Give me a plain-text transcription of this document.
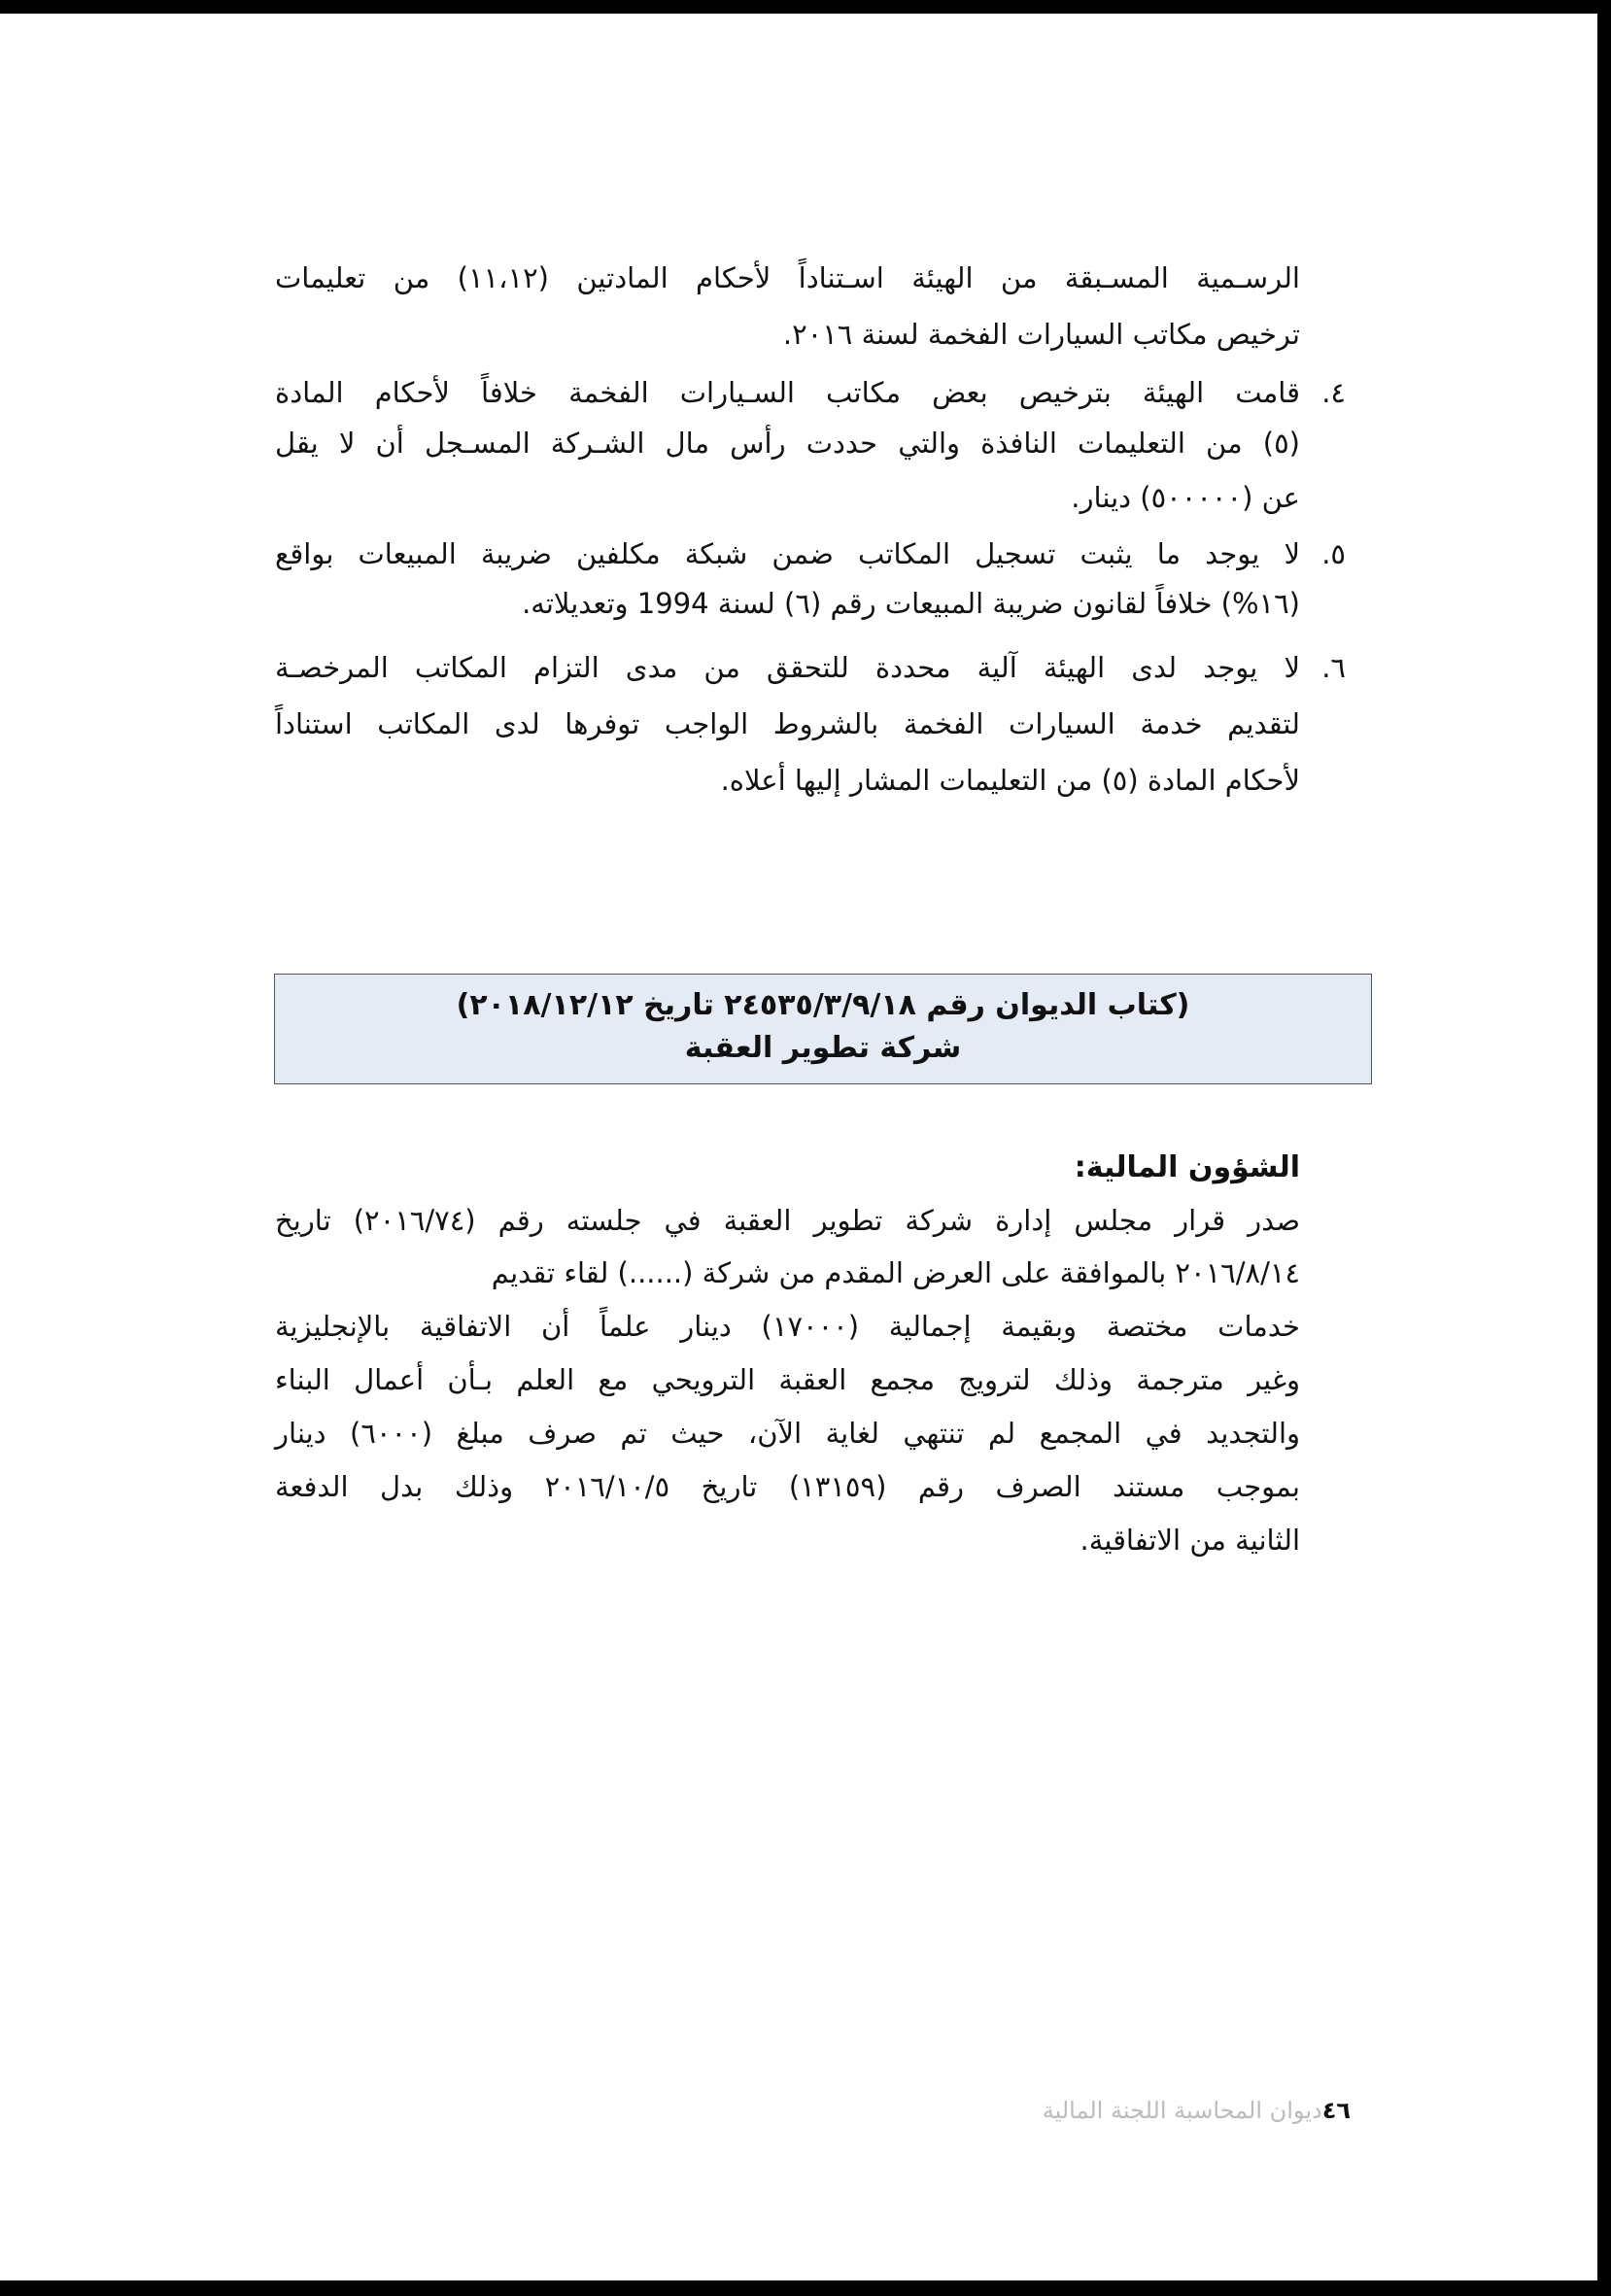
الرسـمية المسـبقة من الهيئة اسـتناداً لأحكام المادتين (١١،١٢) من تعليمات
ترخيص مكاتب السيارات الفخمة لسنة ٢٠١٦.
٤.
قامت الهيئة بترخيص بعض مكاتب السـيارات الفخمة خلافاً لأحكام المادة
(٥) من التعليمات النافذة والتي حددت رأس مال الشـركة المسـجل أن لا يقل
عن (٥٠٠٠٠٠) دينار.
٥.
لا يوجد ما يثبت تسجيل المكاتب ضمن شبكة مكلفين ضريبة المبيعات بواقع
(١٦%) خلافاً لقانون ضريبة المبيعات رقم (٦) لسنة 1994 وتعديلاته.
٦.
لا يوجد لدى الهيئة آلية محددة للتحقق من مدى التزام المكاتب المرخصـة
لتقديم خدمة السيارات الفخمة بالشروط الواجب توفرها لدى المكاتب استناداً
لأحكام المادة (٥) من التعليمات المشار إليها أعلاه.
(كتاب الديوان رقم ٢٤٥٣٥/٣/٩/١٨ تاريخ ٢٠١٨/١٢/١٢)
شركة تطوير العقبة
الشؤون المالية:
صدر قرار مجلس إدارة شركة تطوير العقبة في جلسته رقم (٢٠١٦/٧٤) تاريخ
٢٠١٦/٨/١٤ بالموافقة على العرض المقدم من شركة (......) لقاء تقديم
خدمات مختصة وبقيمة إجمالية (١٧٠٠٠) دينار علماً أن الاتفاقية بالإنجليزية
وغير مترجمة وذلك لترويج مجمع العقبة الترويحي مع العلم بـأن أعمال البناء
والتجديد في المجمع لم تنتهي لغاية الآن، حيث تم صرف مبلغ (٦٠٠٠) دينار
بموجب مستند الصرف رقم (١٣١٥٩) تاريخ ٢٠١٦/١٠/٥ وذلك بدل الدفعة
الثانية من الاتفاقية.
٤٦ديوان المحاسبة اللجنة المالية
